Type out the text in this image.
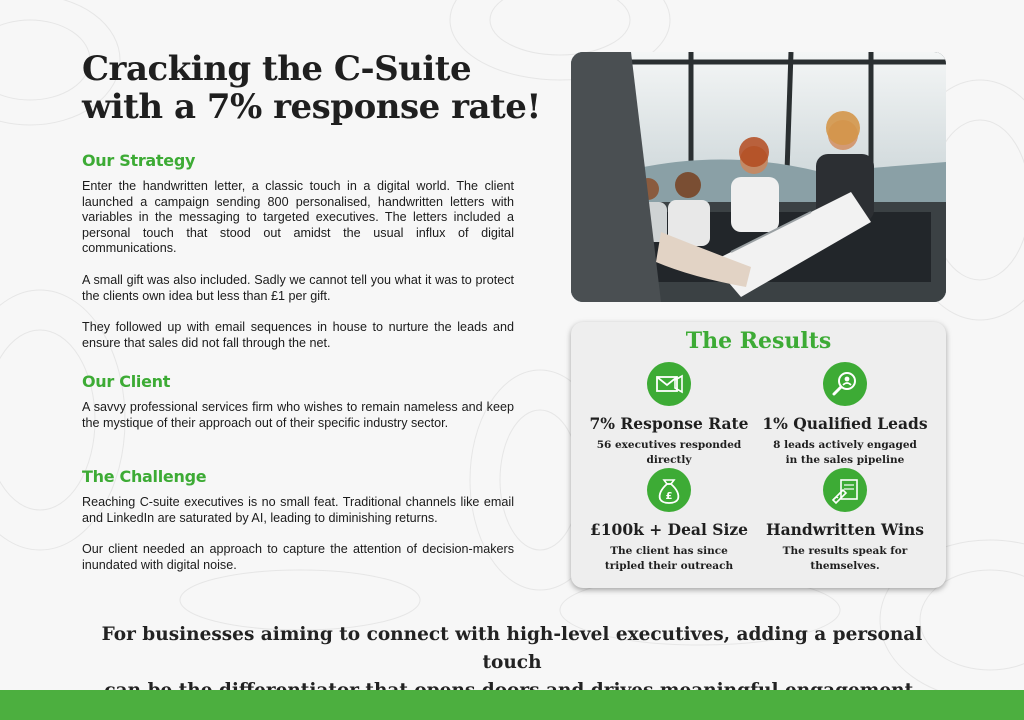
Cracking the C-Suite
with a 7% response rate!
Our Strategy

Enter the handwritten letter, a classic touch in a digital world. The client launched a campaign sending 800 personalised, handwritten letters with variables in the messaging to targeted executives. The letters included a personal touch that stood out amidst the usual influx of digital communications.

A small gift was also included. Sadly we cannot tell you what it was to protect the clients own idea but less than £1 per gift.

They followed up with email sequences in house to nurture the leads and ensure that sales did not fall through the net.

Our Client

A savvy professional services firm who wishes to remain nameless and keep the mystique of their approach out of their specific industry sector.

The Challenge

Reaching C-suite executives is no small feat. Traditional channels like email and LinkedIn are saturated by AI, leading to diminishing returns.

Our client needed an approach to capture the attention of decision-makers inundated with digital noise.

The Results
7% Response Rate
56 executives responded directly
1% Qualified Leads
8 leads actively engaged in the sales pipeline
£
£100k + Deal Size
The client has since tripled their outreach
Handwritten Wins
The results speak for themselves.

For businesses aiming to connect with high-level executives, adding a personal touch
